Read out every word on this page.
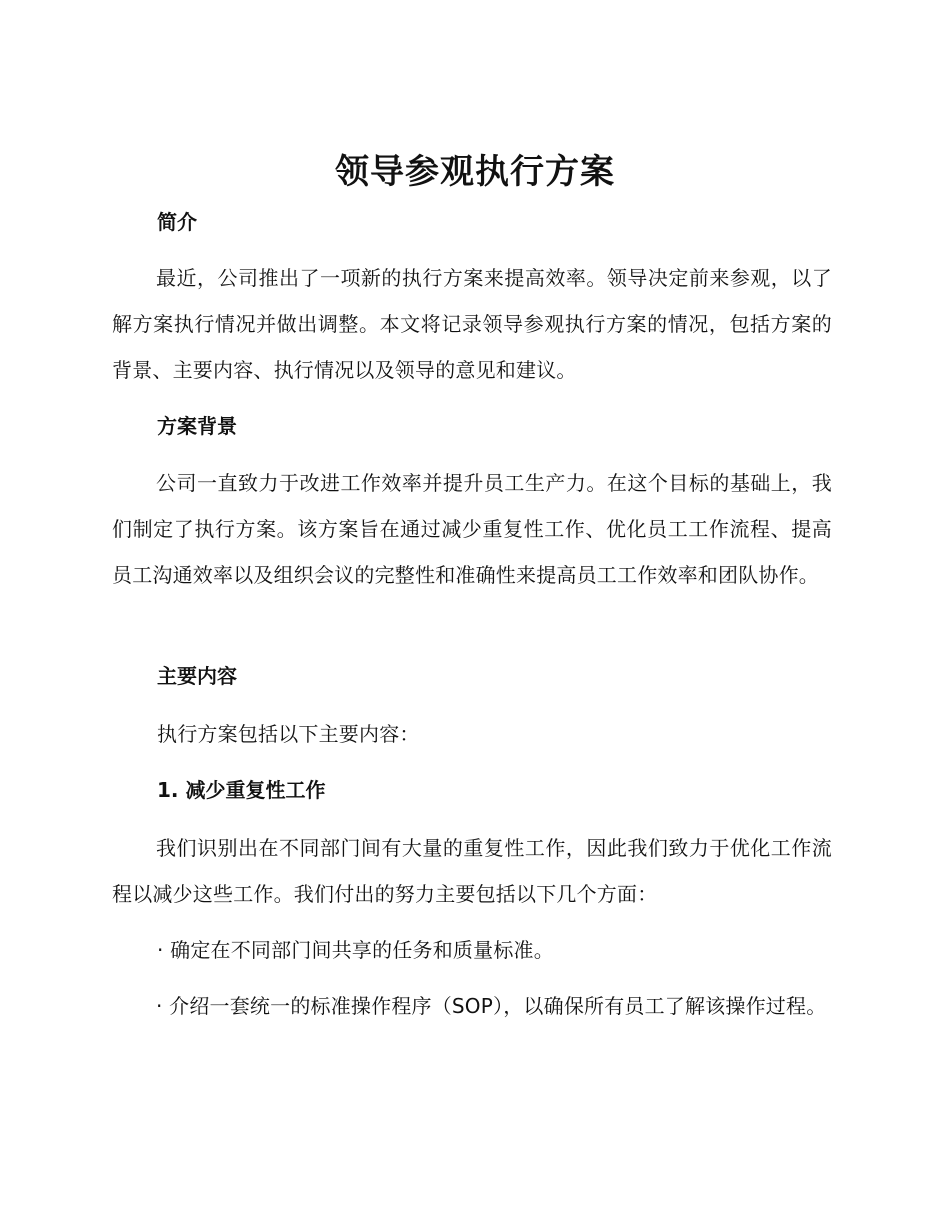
领导参观执行方案
简介
最近，公司推出了一项新的执行方案来提高效率。领导决定前来参观，以了解方案执行情况并做出调整。本文将记录领导参观执行方案的情况，包括方案的背景、主要内容、执行情况以及领导的意见和建议。
方案背景
公司一直致力于改进工作效率并提升员工生产力。在这个目标的基础上，我们制定了执行方案。该方案旨在通过减少重复性工作、优化员工工作流程、提高员工沟通效率以及组织会议的完整性和准确性来提高员工工作效率和团队协作。
主要内容
执行方案包括以下主要内容：
1. 减少重复性工作
我们识别出在不同部门间有大量的重复性工作，因此我们致力于优化工作流程以减少这些工作。我们付出的努力主要包括以下几个方面：
· 确定在不同部门间共享的任务和质量标准。
· 介绍一套统一的标准操作程序（SOP），以确保所有员工了解该操作过程。
